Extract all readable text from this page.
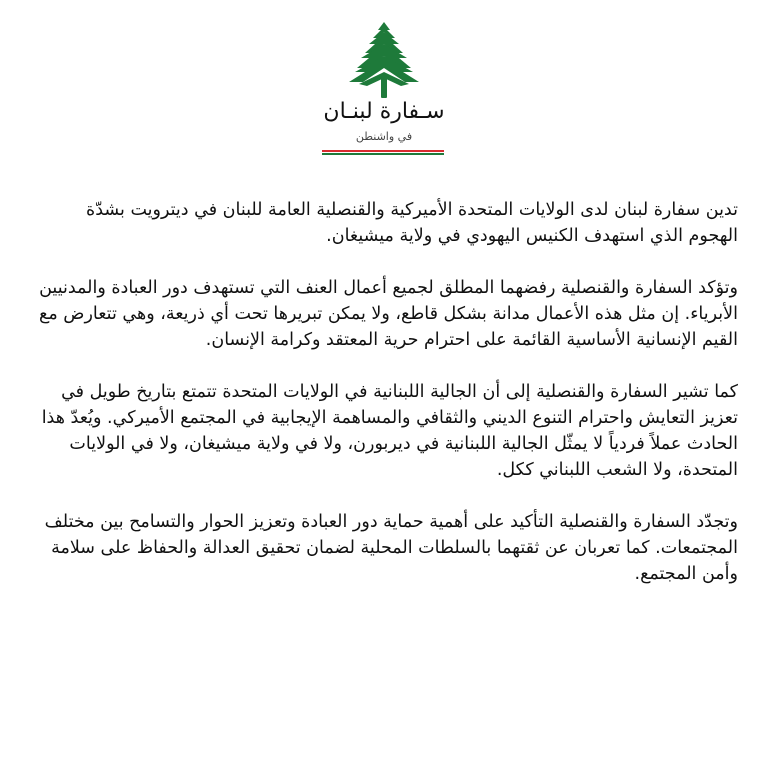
سـفارة لبنـان
في واشنطن

تدين سفارة لبنان لدى الولايات المتحدة الأميركية والقنصلية العامة للبنان في ديترويت بشدّة الهجوم الذي استهدف الكنيس اليهودي في ولاية ميشيغان.

وتؤكد السفارة والقنصلية رفضهما المطلق لجميع أعمال العنف التي تستهدف دور العبادة والمدنيين الأبرياء. إن مثل هذه الأعمال مدانة بشكل قاطع، ولا يمكن تبريرها تحت أي ذريعة، وهي تتعارض مع القيم الإنسانية الأساسية القائمة على احترام حرية المعتقد وكرامة الإنسان.

كما تشير السفارة والقنصلية إلى أن الجالية اللبنانية في الولايات المتحدة تتمتع بتاريخ طويل في تعزيز التعايش واحترام التنوع الديني والثقافي والمساهمة الإيجابية في المجتمع الأميركي. ويُعدّ هذا الحادث عملاً فردياً لا يمثّل الجالية اللبنانية في ديربورن، ولا في ولاية ميشيغان، ولا في الولايات المتحدة، ولا الشعب اللبناني ككل.

وتجدّد السفارة والقنصلية التأكيد على أهمية حماية دور العبادة وتعزيز الحوار والتسامح بين مختلف المجتمعات. كما تعربان عن ثقتهما بالسلطات المحلية لضمان تحقيق العدالة والحفاظ على سلامة وأمن المجتمع.
